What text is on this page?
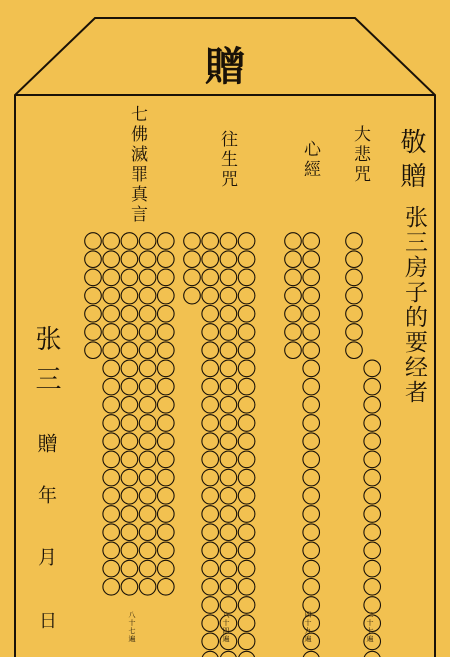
贈
敬贈
张三房子的要经者
七佛滅罪真言	往生咒	心經 大悲咒
八十七遍	八十四遍	四十九遍	二十七遍
张三
贈
年
月
日
